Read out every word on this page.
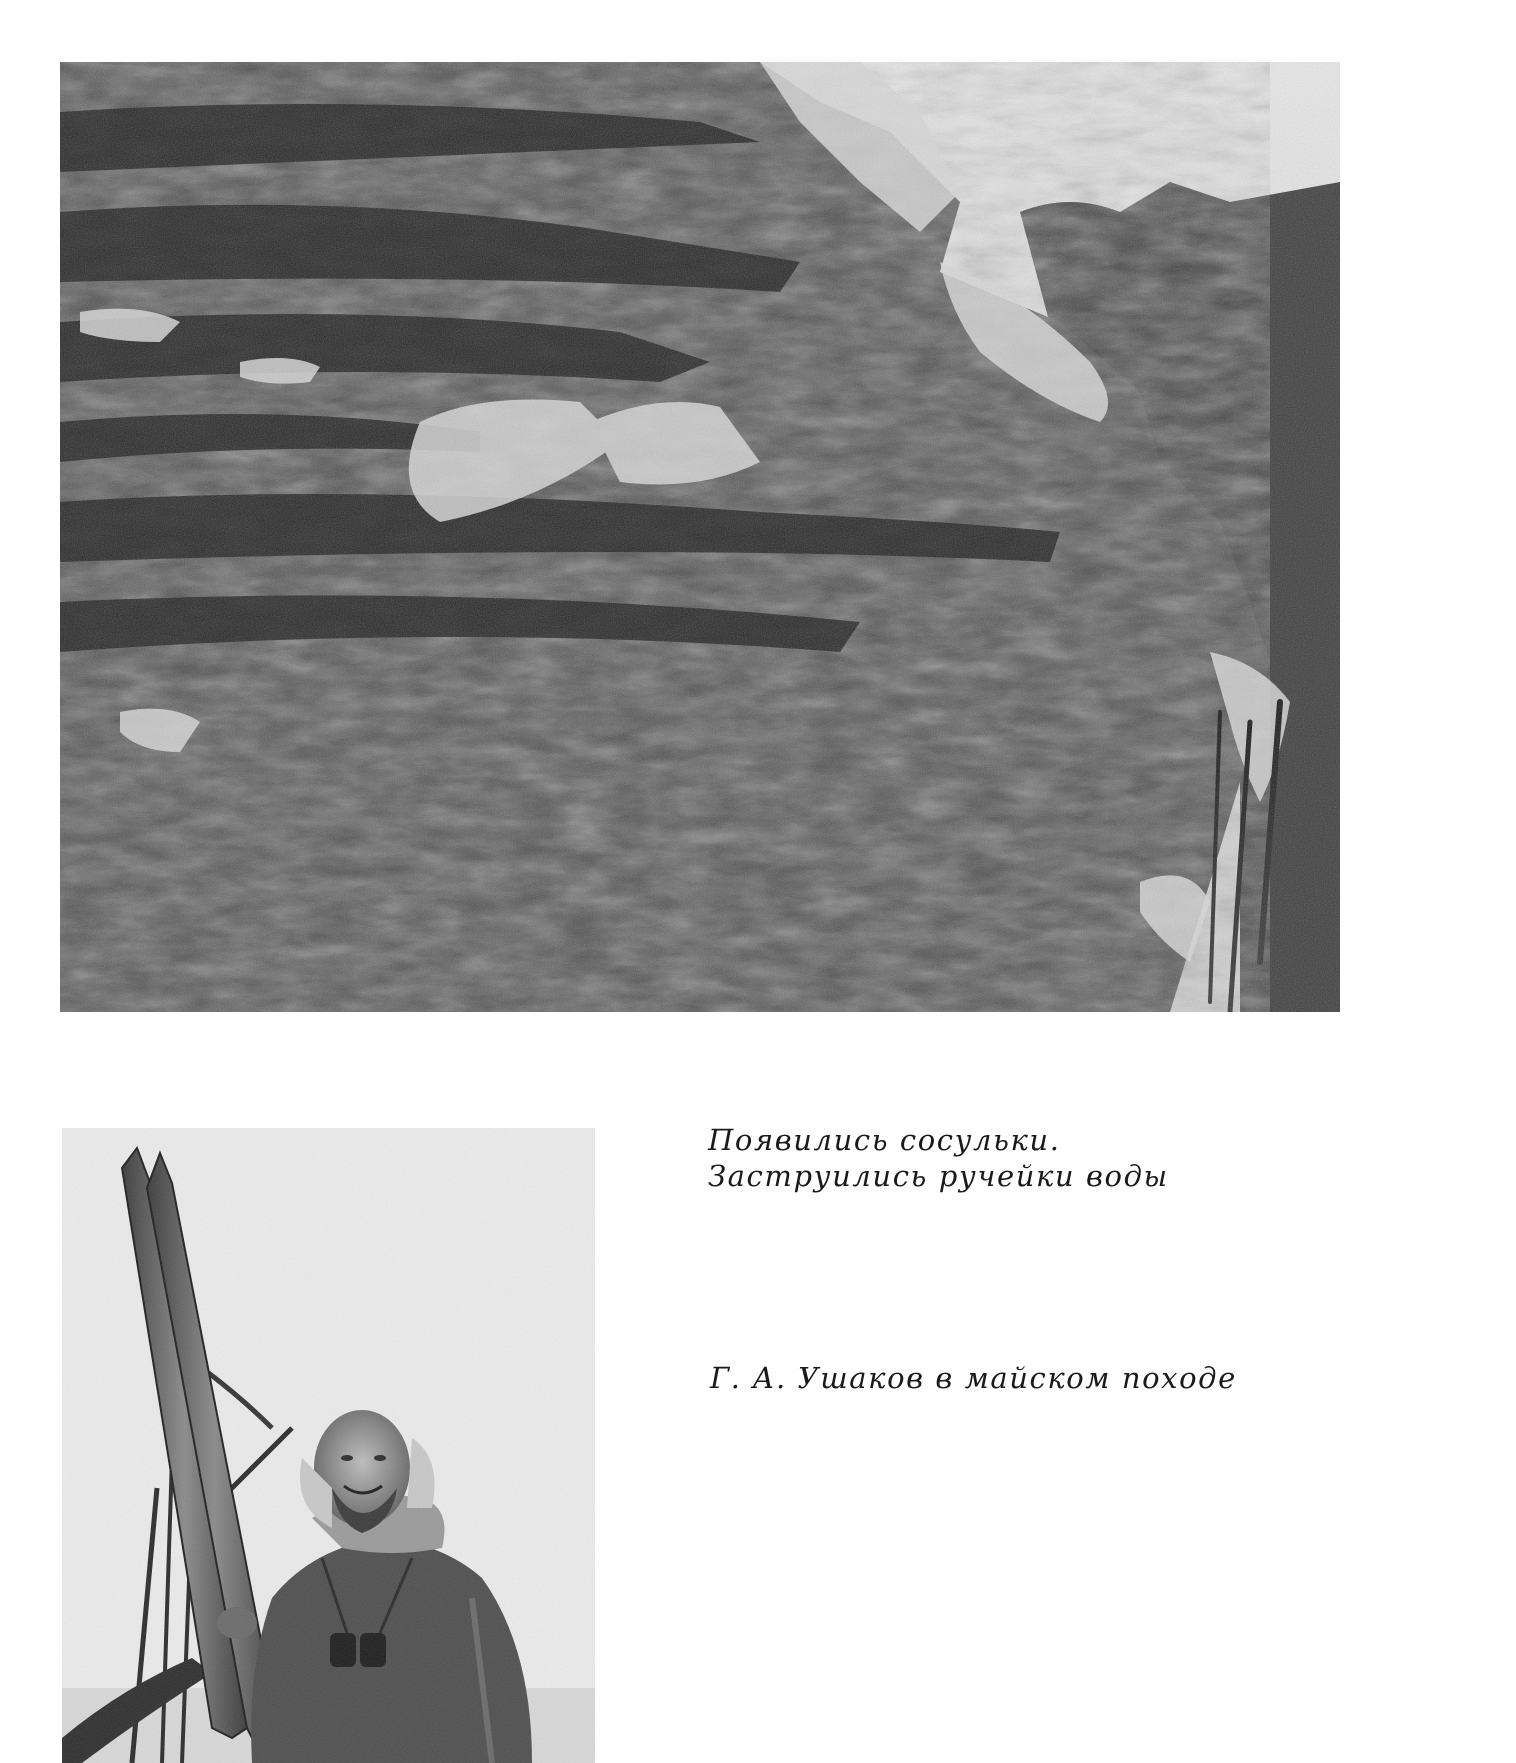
Появились сосульки.
Заструились ручейки воды
Г. А. Ушаков в майском походе
